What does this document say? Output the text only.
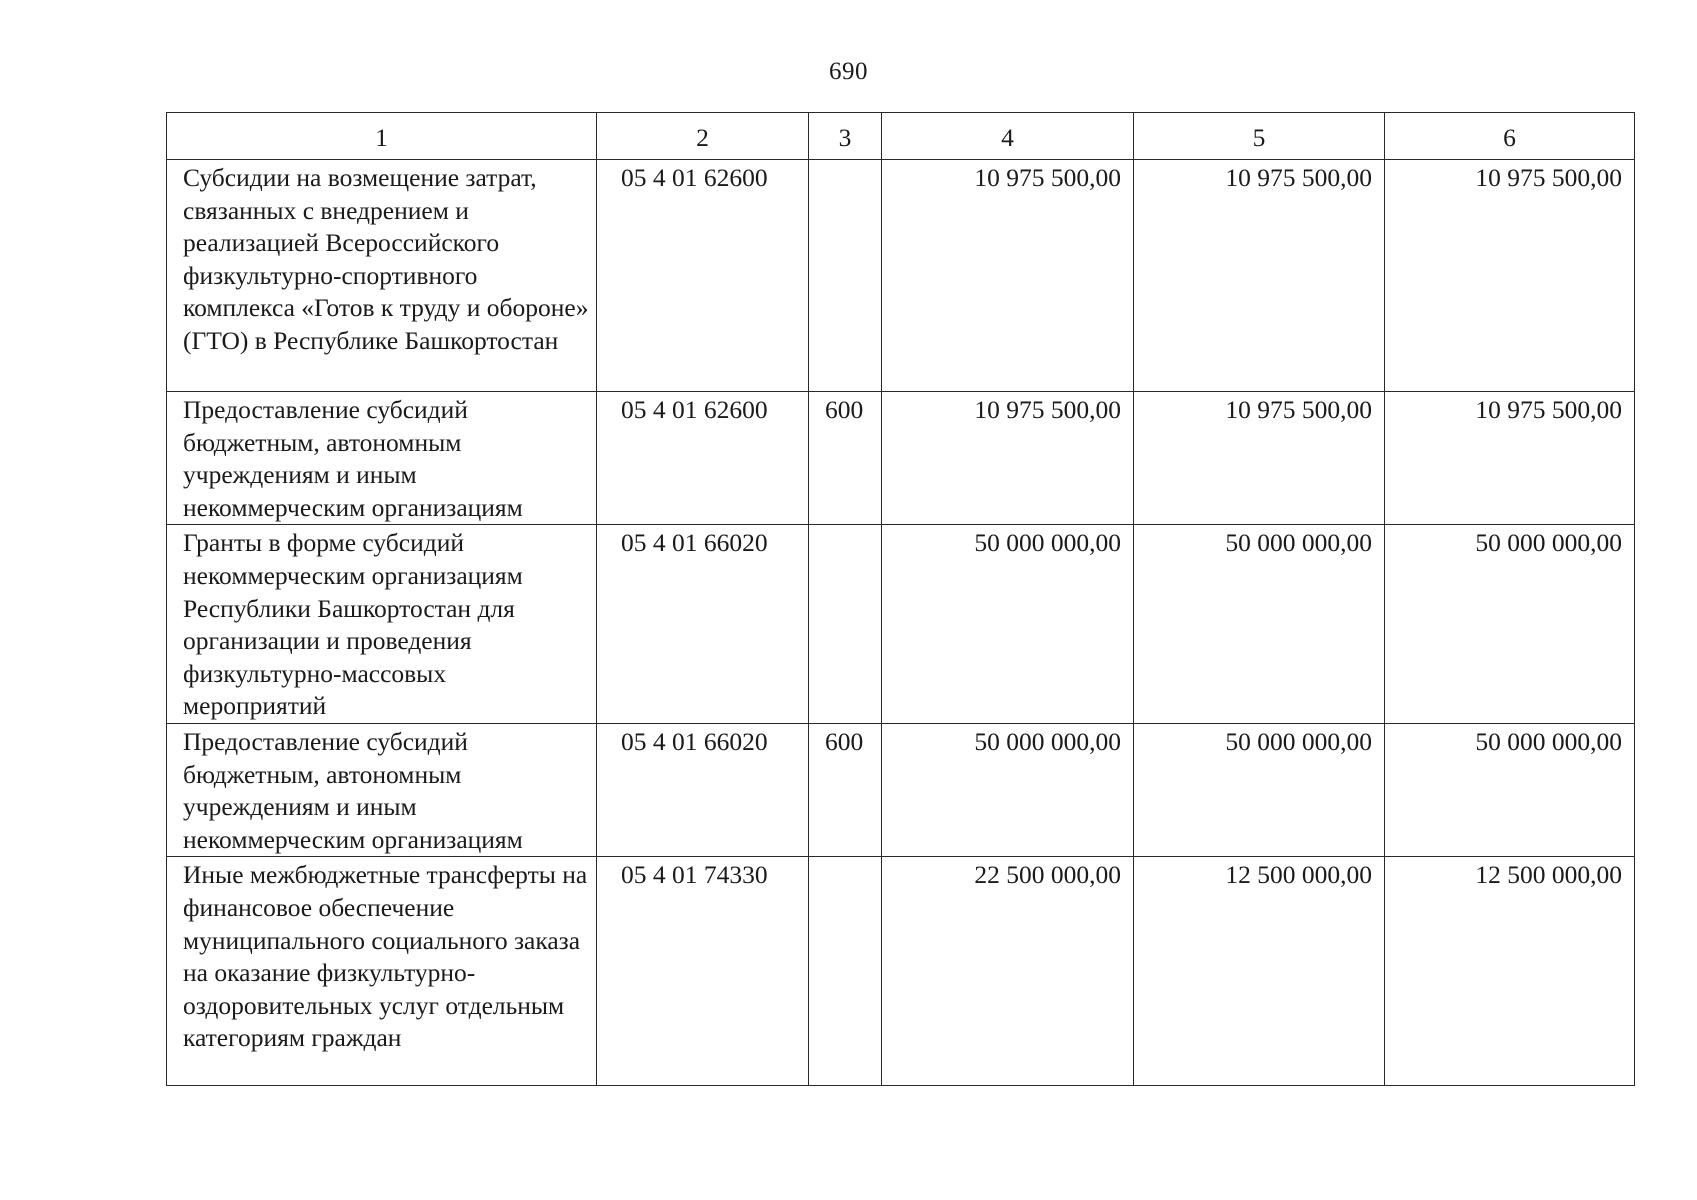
690
1	2	3	4	5	6
Субсидии на возмещение затрат, связанных с внедрением и реализацией Всероссийского физкультурно-спортивного комплекса «Готов к труду и обороне» (ГТО) в Республике Башкортостан	05 4 01 62600		10 975 500,00	10 975 500,00	10 975 500,00
Предоставление субсидий бюджетным, автономным учреждениям и иным некоммерческим организациям	05 4 01 62600	600	10 975 500,00	10 975 500,00	10 975 500,00
Гранты в форме субсидий некоммерческим организациям Республики Башкортостан для организации и проведения физкультурно-массовых мероприятий	05 4 01 66020		50 000 000,00	50 000 000,00	50 000 000,00
Предоставление субсидий бюджетным, автономным учреждениям и иным некоммерческим организациям	05 4 01 66020	600	50 000 000,00	50 000 000,00	50 000 000,00
Иные межбюджетные трансферты на финансовое обеспечение муниципального социального заказа на оказание физкультурно-оздоровительных услуг отдельным категориям граждан	05 4 01 74330		22 500 000,00	12 500 000,00	12 500 000,00
